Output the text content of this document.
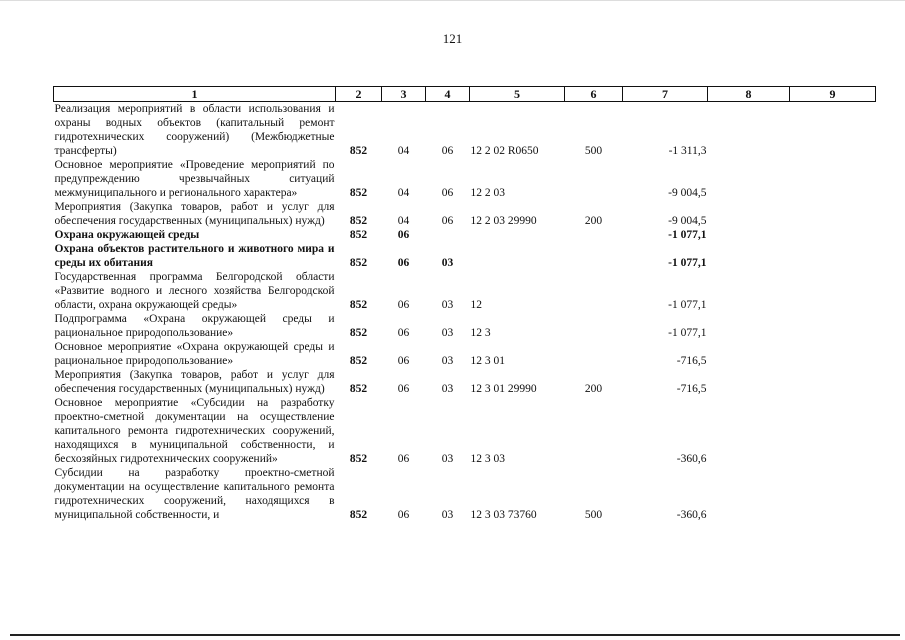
121
1	2	3	4	5	6	7	8	9
Реализация мероприятий в области использования и охраны водных объектов (капитальный ремонт гидротехнических сооружений) (Межбюджетные трансферты)	852	04	06	12 2 02 R0650	500	-1 311,3		
Основное мероприятие «Проведение мероприятий по предупреждению чрезвычайных ситуаций межмуниципального и регионального характера»	852	04	06	12 2 03		-9 004,5		
Мероприятия (Закупка товаров, работ и услуг для обеспечения государственных (муниципальных) нужд)	852	04	06	12 2 03 29990	200	-9 004,5		
Охрана окружающей среды	852	06				-1 077,1		
Охрана объектов растительного и животного мира и среды их обитания	852	06	03			-1 077,1		
Государственная программа Белгородской области «Развитие водного и лесного хозяйства Белгородской области, охрана окружающей среды»	852	06	03	12		-1 077,1		
Подпрограмма «Охрана окружающей среды и рациональное природопользование»	852	06	03	12 3		-1 077,1		
Основное мероприятие «Охрана окружающей среды и рациональное природопользование»	852	06	03	12 3 01		-716,5		
Мероприятия (Закупка товаров, работ и услуг для обеспечения государственных (муниципальных) нужд)	852	06	03	12 3 01 29990	200	-716,5		
Основное мероприятие «Субсидии на разработку проектно-сметной документации на осуществление капитального ремонта гидротехнических сооружений, находящихся в муниципальной собственности, и бесхозяйных гидротехнических сооружений»	852	06	03	12 3 03		-360,6		
Субсидии на разработку проектно-сметной документации на осуществление капитального ремонта гидротехнических сооружений, находящихся в муниципальной собственности, и	852	06	03	12 3 03 73760	500	-360,6		
